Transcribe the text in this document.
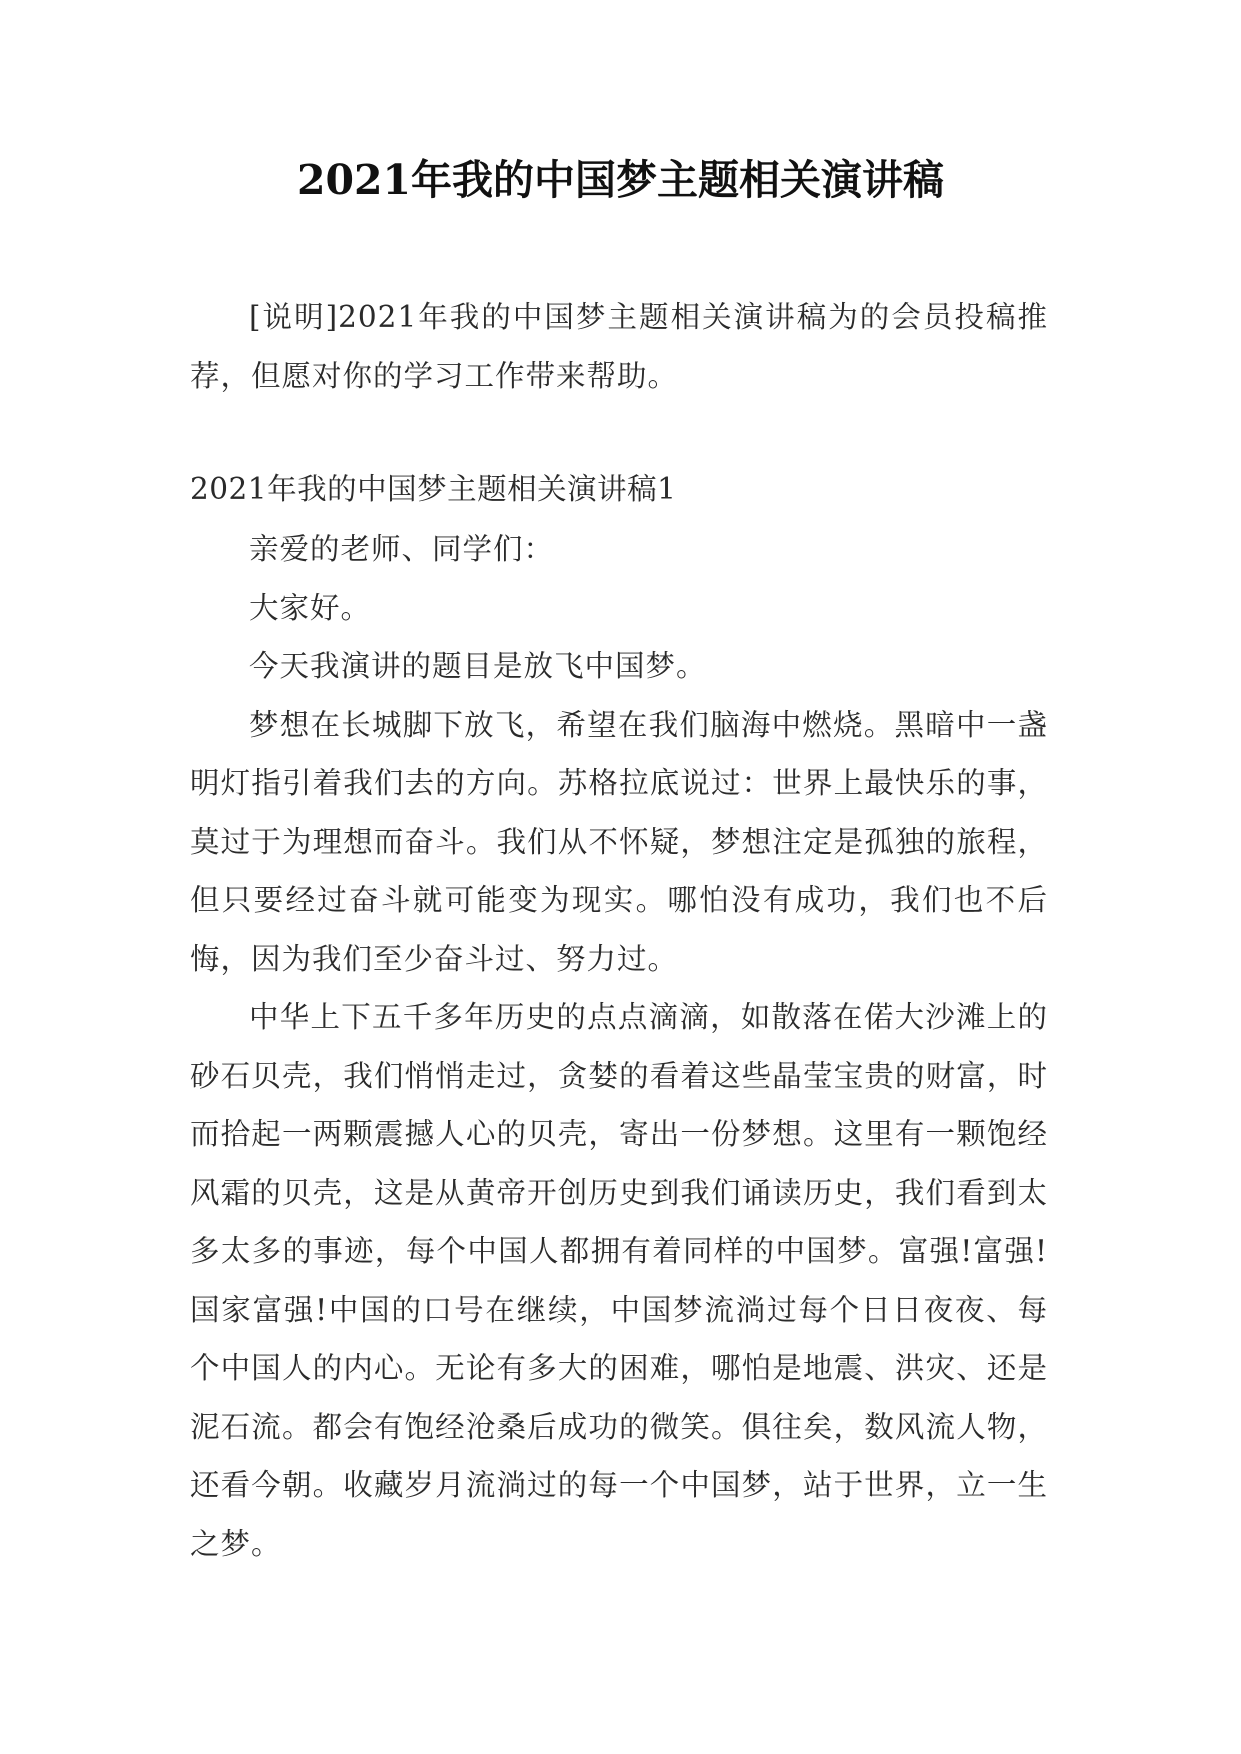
2021年我的中国梦主题相关演讲稿

[说明]2021年我的中国梦主题相关演讲稿为的会员投稿推荐，但愿对你的学习工作带来帮助。

2021年我的中国梦主题相关演讲稿1

亲爱的老师、同学们：

大家好。

今天我演讲的题目是放飞中国梦。

梦想在长城脚下放飞，希望在我们脑海中燃烧。黑暗中一盏明灯指引着我们去的方向。苏格拉底说过：世界上最快乐的事，莫过于为理想而奋斗。我们从不怀疑，梦想注定是孤独的旅程，但只要经过奋斗就可能变为现实。哪怕没有成功，我们也不后悔，因为我们至少奋斗过、努力过。

中华上下五千多年历史的点点滴滴，如散落在偌大沙滩上的砂石贝壳，我们悄悄走过，贪婪的看着这些晶莹宝贵的财富，时而拾起一两颗震撼人心的贝壳，寄出一份梦想。这里有一颗饱经风霜的贝壳，这是从黄帝开创历史到我们诵读历史，我们看到太多太多的事迹，每个中国人都拥有着同样的中国梦。富强!富强!国家富强!中国的口号在继续，中国梦流淌过每个日日夜夜、每个中国人的内心。无论有多大的困难，哪怕是地震、洪灾、还是泥石流。都会有饱经沧桑后成功的微笑。俱往矣，数风流人物，还看今朝。收藏岁月流淌过的每一个中国梦，站于世界，立一生之梦。
